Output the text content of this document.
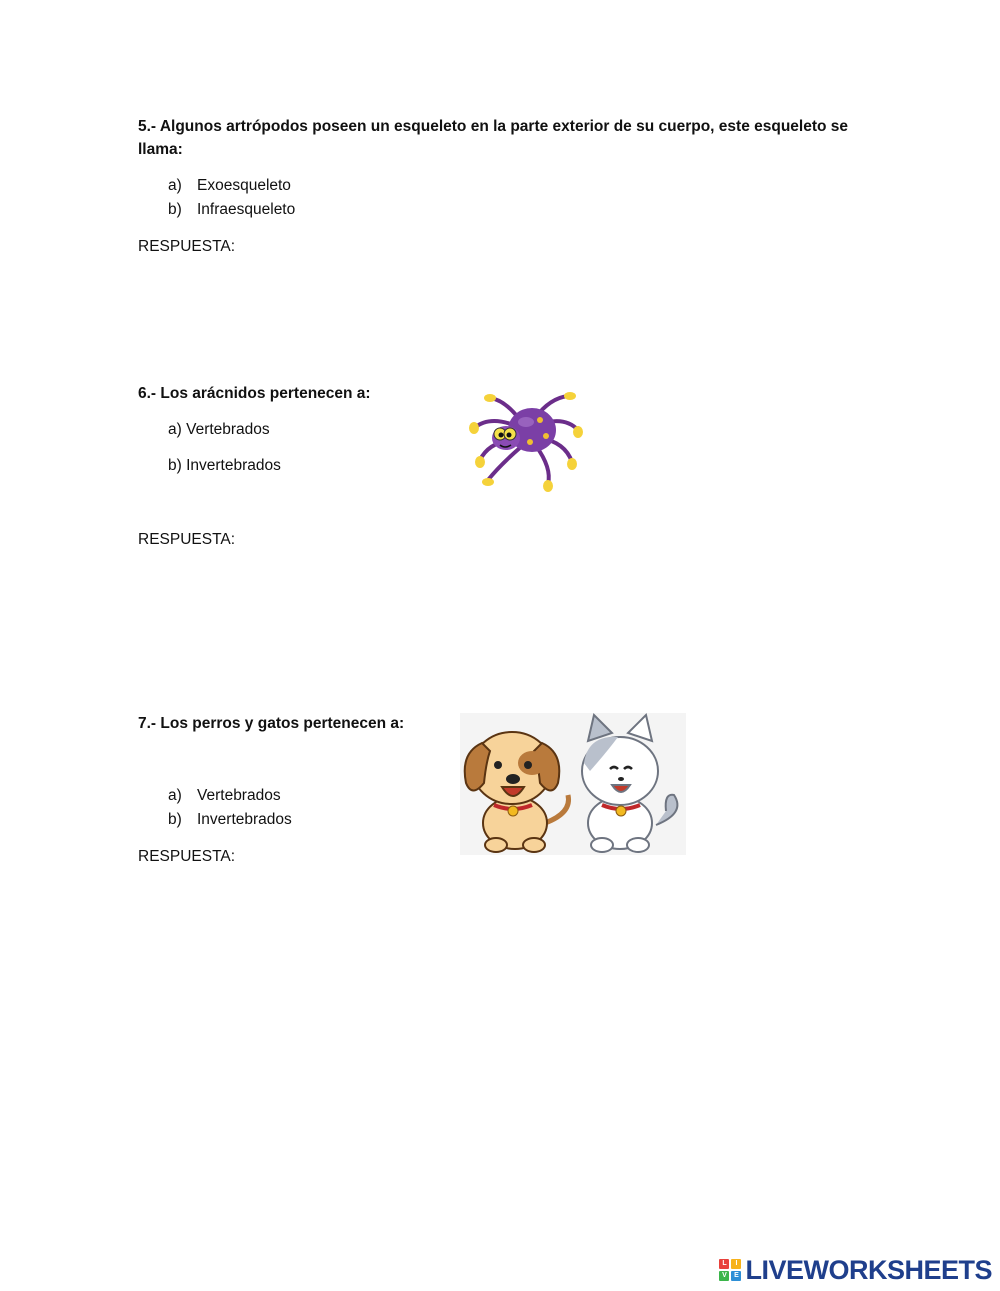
5.- Algunos artrópodos poseen un esqueleto en la parte exterior de su cuerpo, este esqueleto se llama:
a) Exoesqueleto
b) Infraesqueleto
RESPUESTA:
6.- Los arácnidos pertenecen a:
a) Vertebrados
b) Invertebrados
RESPUESTA:
7.- Los perros y gatos pertenecen a:
a) Vertebrados
b) Invertebrados
RESPUESTA:
L	I
V	E LIVEWORKSHEETS
